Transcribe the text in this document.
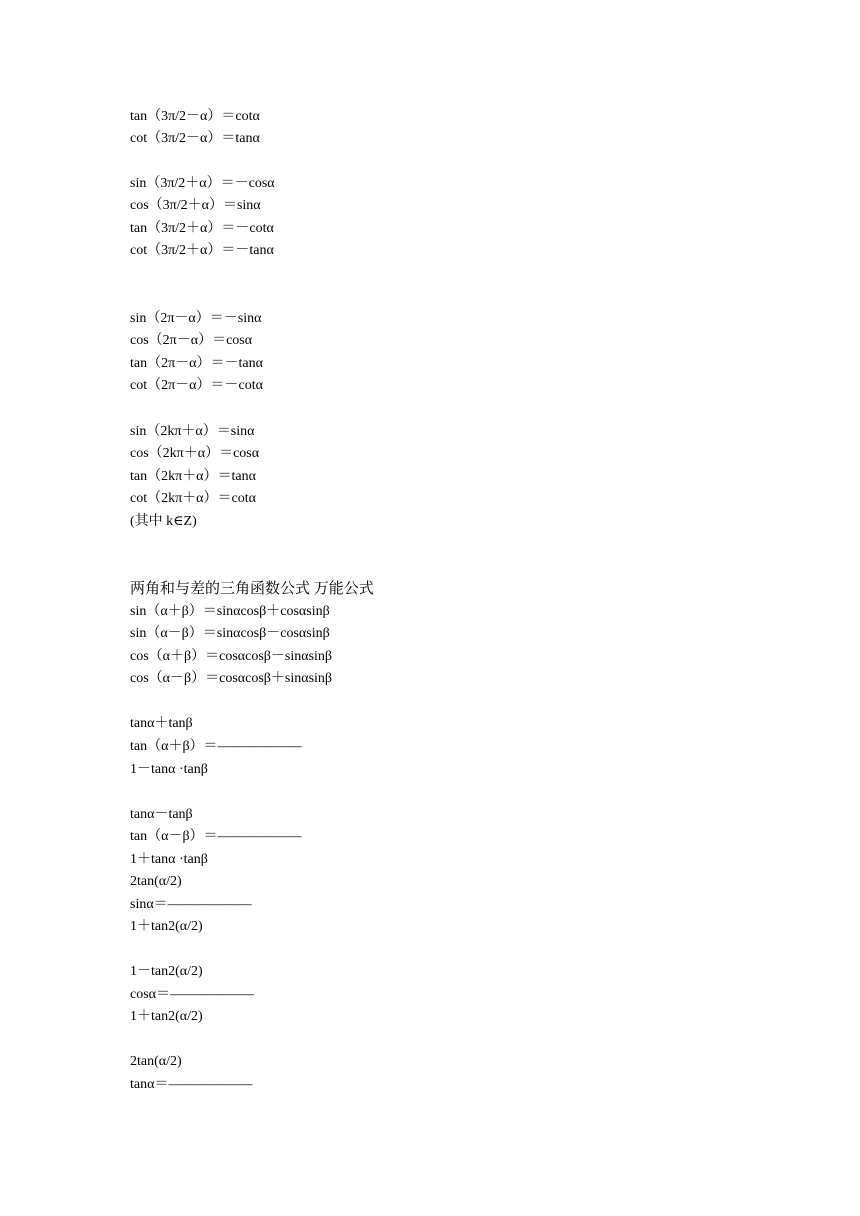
tan（3π/2－α）＝cotα
cot（3π/2－α）＝tanα
sin（3π/2＋α）＝－cosα
cos（3π/2＋α）＝sinα
tan（3π/2＋α）＝－cotα
cot（3π/2＋α）＝－tanα
sin（2π－α）＝－sinα
cos（2π－α）＝cosα
tan（2π－α）＝－tanα
cot（2π－α）＝－cotα
sin（2kπ＋α）＝sinα
cos（2kπ＋α）＝cosα
tan（2kπ＋α）＝tanα
cot（2kπ＋α）＝cotα
(其中 k∈Z)
两角和与差的三角函数公式 万能公式
sin（α＋β）＝sinαcosβ＋cosαsinβ
sin（α－β）＝sinαcosβ－cosαsinβ
cos（α＋β）＝cosαcosβ－sinαsinβ
cos（α－β）＝cosαcosβ＋sinαsinβ
tanα＋tanβ
tan（α＋β）＝——————
1－tanα ·tanβ
tanα－tanβ
tan（α－β）＝——————
1＋tanα ·tanβ
2tan(α/2)
sinα＝——————
1＋tan2(α/2)
1－tan2(α/2)
cosα＝——————
1＋tan2(α/2)
2tan(α/2)
tanα＝——————
